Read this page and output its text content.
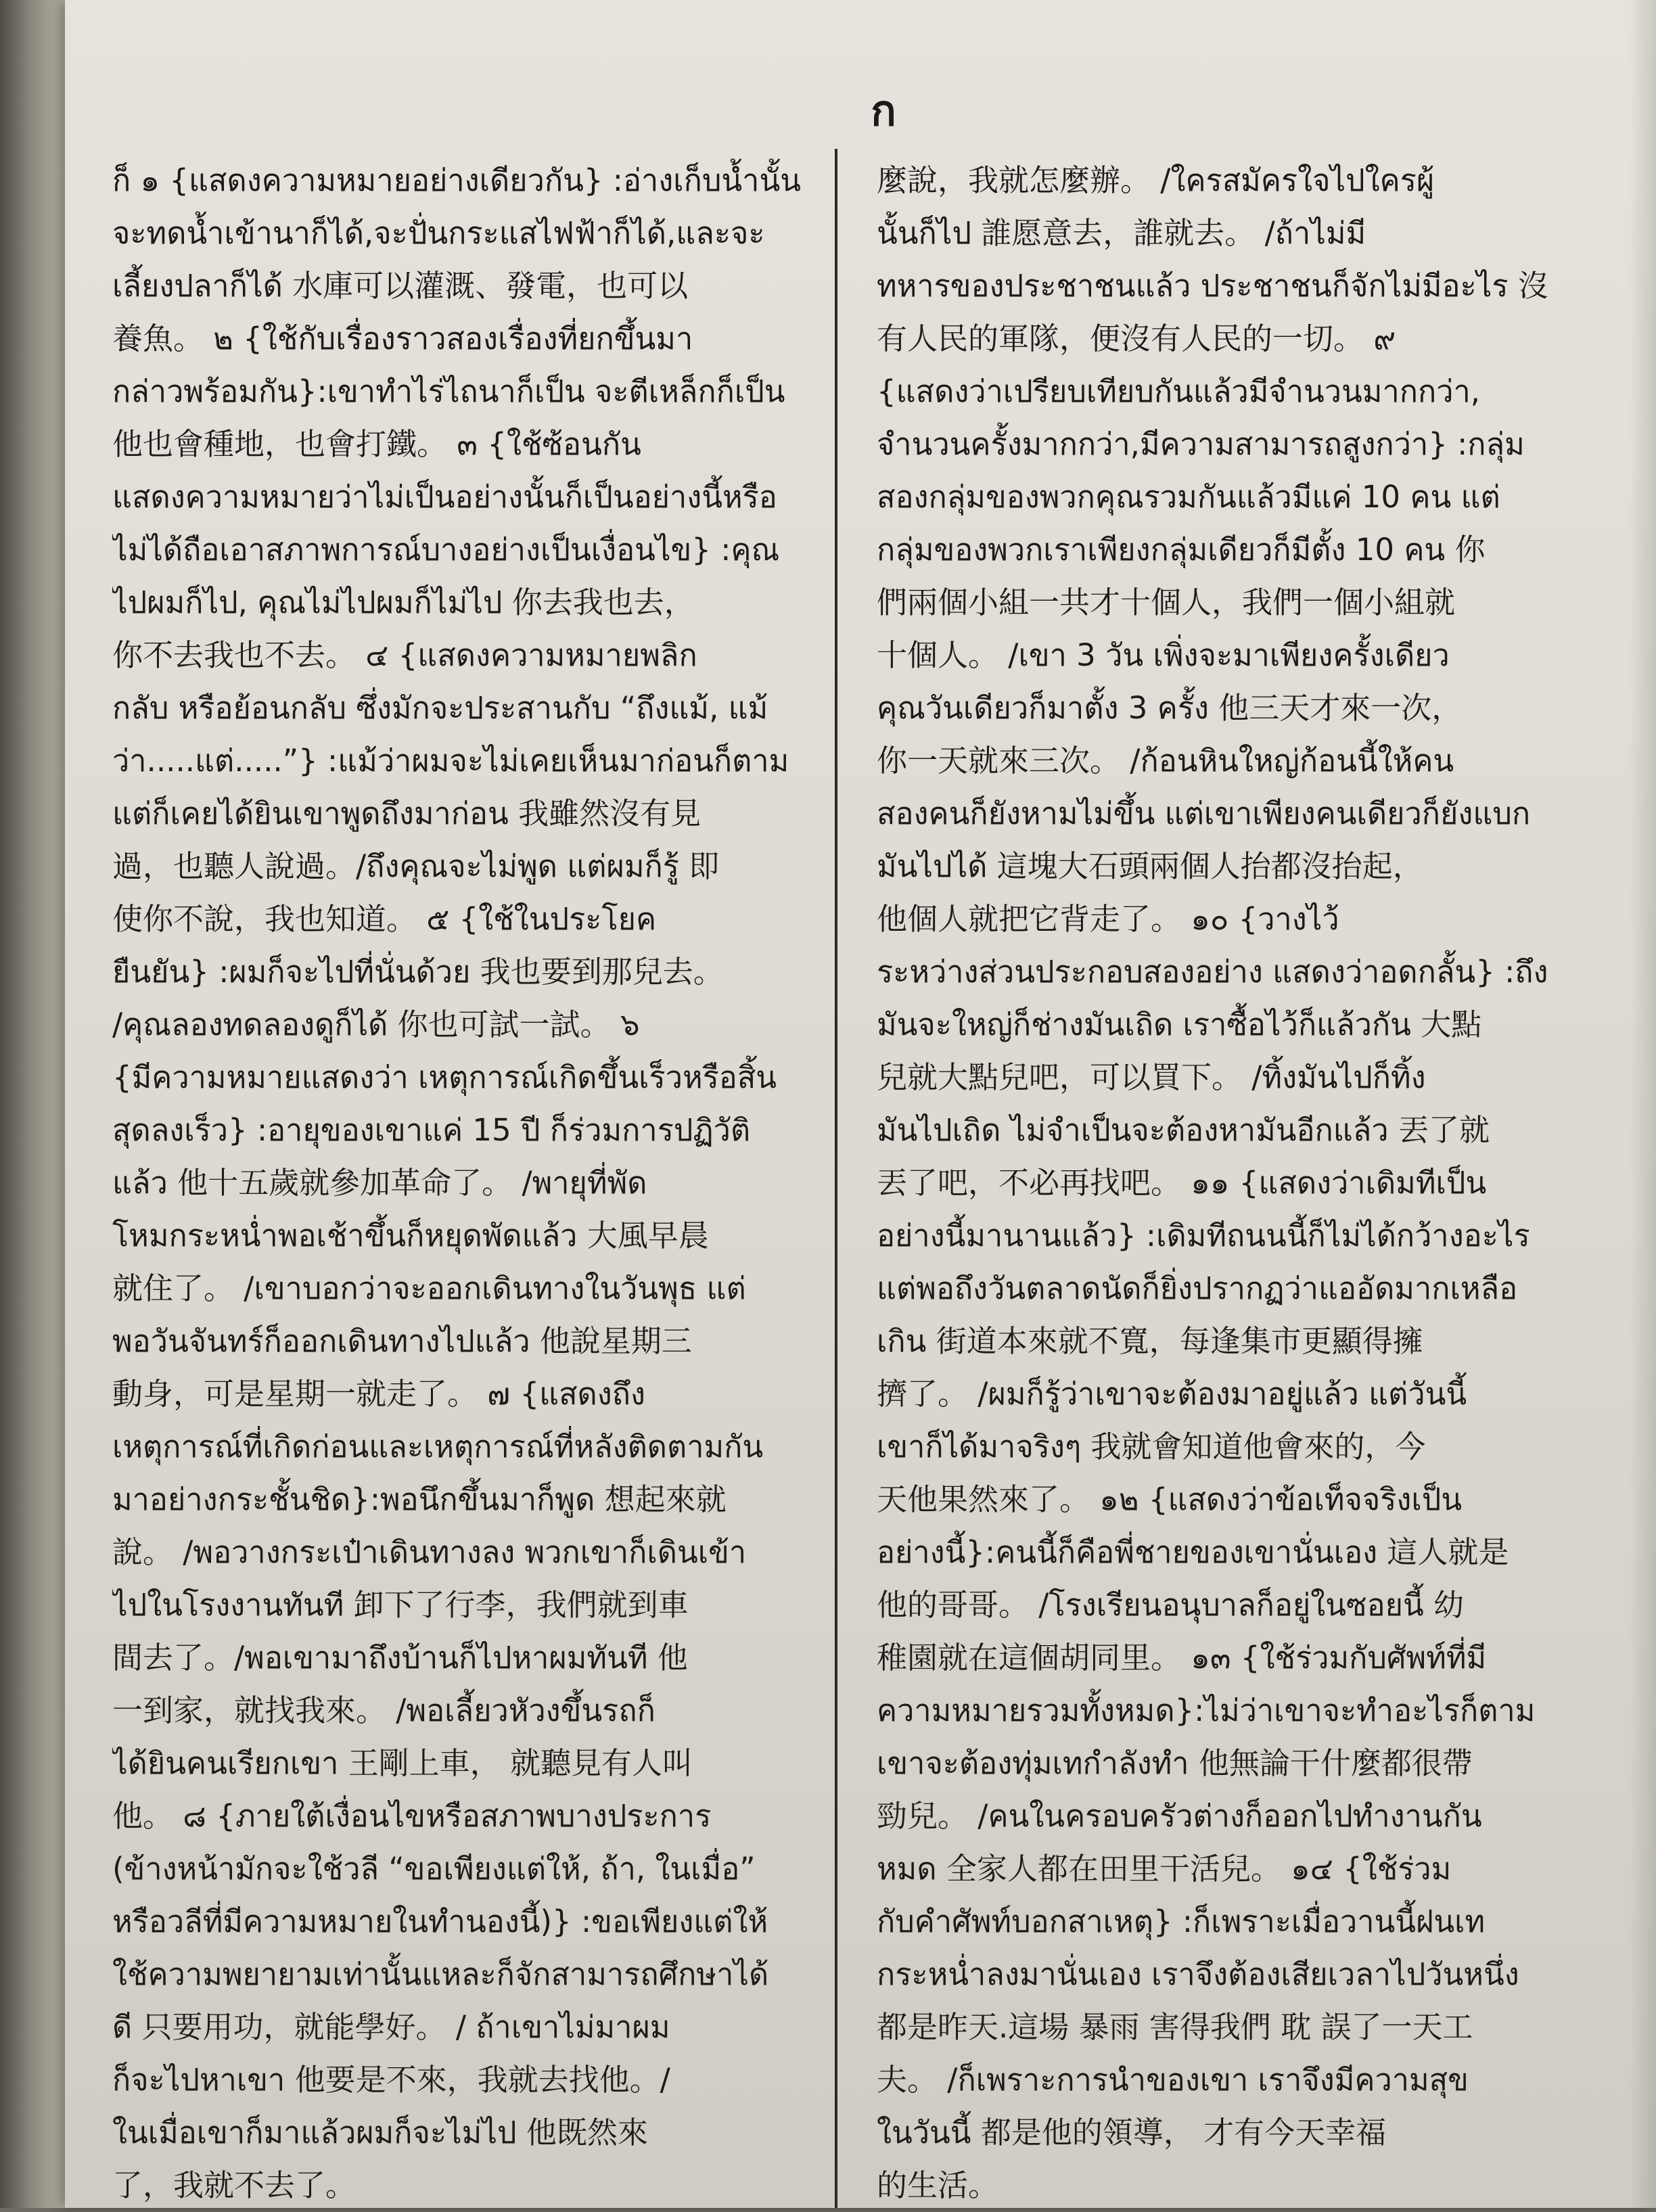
ก
ก็ ๑ {แสดงความหมายอย่างเดียวกัน} :อ่างเก็บน้ำนั้น
จะทดน้ำเข้านาก็ได้,จะปั่นกระแสไฟฟ้าก็ได้,และจะ
เลี้ยงปลาก็ได้ 水庫可以灌溉、發電，也可以
養魚。 ๒ {ใช้กับเรื่องราวสองเรื่องที่ยกขึ้นมา
กล่าวพร้อมกัน}:เขาทำไร่ไถนาก็เป็น จะตีเหล็กก็เป็น
他也會種地，也會打鐵。 ๓ {ใช้ซ้อนกัน
แสดงความหมายว่าไม่เป็นอย่างนั้นก็เป็นอย่างนี้หรือ
ไม่ได้ถือเอาสภาพการณ์บางอย่างเป็นเงื่อนไข} :คุณ
ไปผมก็ไป, คุณไม่ไปผมก็ไม่ไป 你去我也去，
你不去我也不去。 ๔ {แสดงความหมายพลิก
กลับ หรือย้อนกลับ ซึ่งมักจะประสานกับ “ถึงแม้, แม้
ว่า.....แต่.....”} :แม้ว่าผมจะไม่เคยเห็นมาก่อนก็ตาม
แต่ก็เคยได้ยินเขาพูดถึงมาก่อน 我雖然沒有見
過，也聽人說過。/ถึงคุณจะไม่พูด แต่ผมก็รู้ 即
使你不說，我也知道。 ๕ {ใช้ในประโยค
ยืนยัน} :ผมก็จะไปที่นั่นด้วย 我也要到那兒去。
/คุณลองทดลองดูก็ได้ 你也可試一試。 ๖
{มีความหมายแสดงว่า เหตุการณ์เกิดขึ้นเร็วหรือสิ้น
สุดลงเร็ว} :อายุของเขาแค่ 15 ปี ก็ร่วมการปฏิวัติ
แล้ว 他十五歲就參加革命了。 /พายุที่พัด
โหมกระหน่ำพอเช้าขึ้นก็หยุดพัดแล้ว 大風早晨
就住了。 /เขาบอกว่าจะออกเดินทางในวันพุธ แต่
พอวันจันทร์ก็ออกเดินทางไปแล้ว 他說星期三
動身，可是星期一就走了。 ๗ {แสดงถึง
เหตุการณ์ที่เกิดก่อนและเหตุการณ์ที่หลังติดตามกัน
มาอย่างกระชั้นชิด}:พอนึกขึ้นมาก็พูด 想起來就
說。 /พอวางกระเป๋าเดินทางลง พวกเขาก็เดินเข้า
ไปในโรงงานทันที 卸下了行李，我們就到車
間去了。/พอเขามาถึงบ้านก็ไปหาผมทันที 他
一到家，就找我來。 /พอเลี้ยวหัวงขึ้นรถก็
ได้ยินคนเรียกเขา 王剛上車， 就聽見有人叫
他。 ๘ {ภายใต้เงื่อนไขหรือสภาพบางประการ
(ข้างหน้ามักจะใช้วลี “ขอเพียงแต่ให้, ถ้า, ในเมื่อ”
หรือวลีที่มีความหมายในทำนองนี้)} :ขอเพียงแต่ให้
ใช้ความพยายามเท่านั้นแหละก็จักสามารถศึกษาได้
ดี 只要用功，就能學好。 / ถ้าเขาไม่มาผม
ก็จะไปหาเขา 他要是不來，我就去找他。/
ในเมื่อเขาก็มาแล้วผมก็จะไม่ไป 他既然來
了，我就不去了。
麼說，我就怎麼辦。 /ใครสมัครใจไปใครผู้
นั้นก็ไป 誰愿意去，誰就去。 /ถ้าไม่มี
ทหารของประชาชนแล้ว ประชาชนก็จักไม่มีอะไร 沒
有人民的軍隊，便沒有人民的一切。 ๙
{แสดงว่าเปรียบเทียบกันแล้วมีจำนวนมากกว่า,
จำนวนครั้งมากกว่า,มีความสามารถสูงกว่า} :กลุ่ม
สองกลุ่มของพวกคุณรวมกันแล้วมีแค่ 10 คน แต่
กลุ่มของพวกเราเพียงกลุ่มเดียวก็มีตั้ง 10 คน 你
們兩個小組一共才十個人，我們一個小組就
十個人。 /เขา 3 วัน เพิ่งจะมาเพียงครั้งเดียว
คุณวันเดียวก็มาตั้ง 3 ครั้ง 他三天才來一次，
你一天就來三次。 /ก้อนหินใหญ่ก้อนนี้ให้คน
สองคนก็ยังหามไม่ขึ้น แต่เขาเพียงคนเดียวก็ยังแบก
มันไปได้ 這塊大石頭兩個人抬都沒抬起，
他個人就把它背走了。 ๑๐ {วางไว้
ระหว่างส่วนประกอบสองอย่าง แสดงว่าอดกลั้น} :ถึง
มันจะใหญ่ก็ช่างมันเถิด เราซื้อไว้ก็แล้วกัน 大點
兒就大點兒吧，可以買下。 /ทิ้งมันไปก็ทิ้ง
มันไปเถิด ไม่จำเป็นจะต้องหามันอีกแล้ว 丟了就
丟了吧，不必再找吧。 ๑๑ {แสดงว่าเดิมทีเป็น
อย่างนี้มานานแล้ว} :เดิมทีถนนนี้ก็ไม่ได้กว้างอะไร
แต่พอถึงวันตลาดนัดก็ยิ่งปรากฏว่าแออัดมากเหลือ
เกิน 街道本來就不寬，每逢集市更顯得擁
擠了。 /ผมก็รู้ว่าเขาจะต้องมาอยู่แล้ว แต่วันนี้
เขาก็ได้มาจริงๆ 我就會知道他會來的，今
天他果然來了。 ๑๒ {แสดงว่าข้อเท็จจริงเป็น
อย่างนี้}:คนนี้ก็คือพี่ชายของเขานั่นเอง 這人就是
他的哥哥。 /โรงเรียนอนุบาลก็อยู่ในซอยนี้ 幼
稚園就在這個胡同里。 ๑๓ {ใช้ร่วมกับศัพท์ที่มี
ความหมายรวมทั้งหมด}:ไม่ว่าเขาจะทำอะไรก็ตาม
เขาจะต้องทุ่มเทกำลังทำ 他無論干什麼都很帶
勁兒。 /คนในครอบครัวต่างก็ออกไปทำงานกัน
หมด 全家人都在田里干活兒。 ๑๔ {ใช้ร่วม
กับคำศัพท์บอกสาเหตุ} :ก็เพราะเมื่อวานนี้ฝนเท
กระหน่ำลงมานั่นเอง เราจึงต้องเสียเวลาไปวันหนึ่ง
都是昨天.這場 暴雨 害得我們 耽 誤了一天工
夫。 /ก็เพราะการนำของเขา เราจึงมีความสุข
ในวันนี้ 都是他的領導， 才有今天幸福
的生活。
